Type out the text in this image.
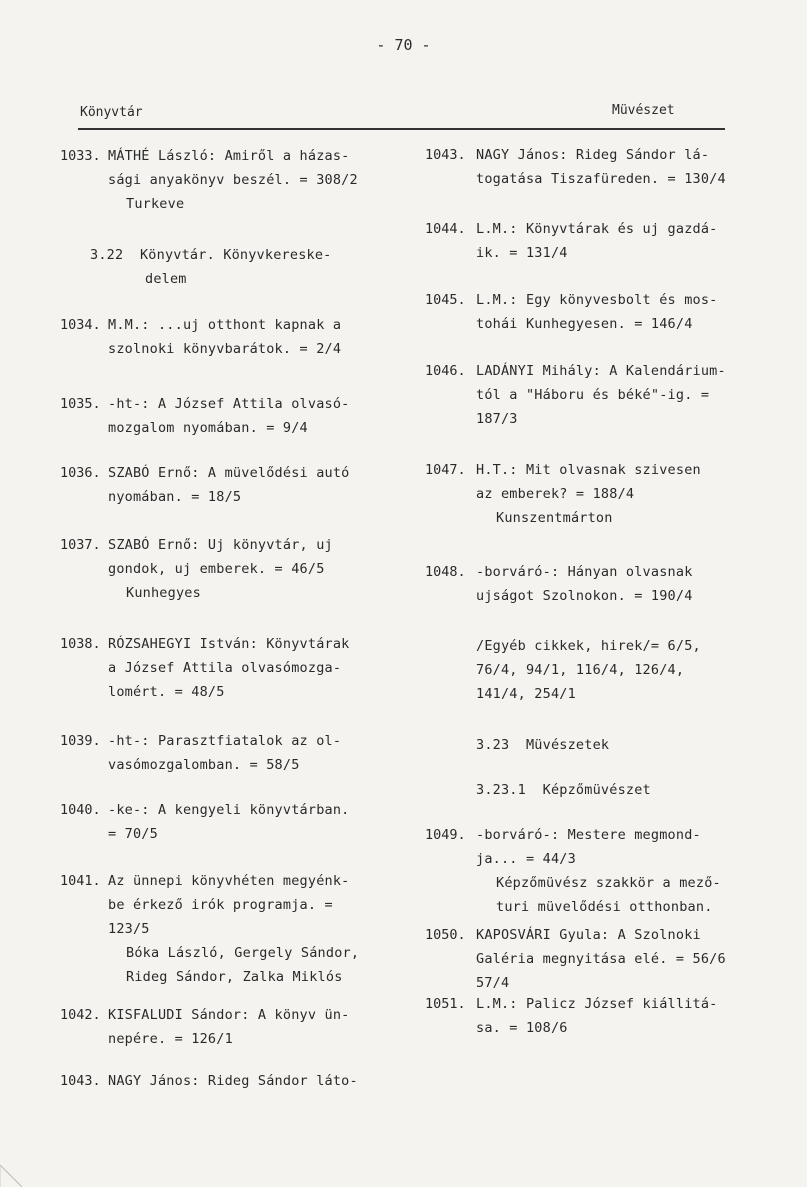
- 70 -
Könyvtár	Müvészet
1033. MÁTHÉ László: Amiről a házas-
sági anyakönyv beszél. = 308/2
Turkeve
3.22  Könyvtár. Könyvkereske-
delem
1034. M.M.: ...uj otthont kapnak a
szolnoki könyvbarátok. = 2/4
1035. -ht-: A József Attila olvasó-
mozgalom nyomában. = 9/4
1036. SZABÓ Ernő: A müvelődési autó
nyomában. = 18/5
1037. SZABÓ Ernő: Uj könyvtár, uj
gondok, uj emberek. = 46/5
Kunhegyes
1038. RÓZSAHEGYI István: Könyvtárak
a József Attila olvasómozga-
lomért. = 48/5
1039. -ht-: Parasztfiatalok az ol-
vasómozgalomban. = 58/5
1040. -ke-: A kengyeli könyvtárban.
= 70/5
1041. Az ünnepi könyvhéten megyénk-
be érkező irók programja. =
123/5
Bóka László, Gergely Sándor,
Rideg Sándor, Zalka Miklós
1042. KISFALUDI Sándor: A könyv ün-
nepére. = 126/1
1043. NAGY János: Rideg Sándor láto-
1043. NAGY János: Rideg Sándor lá-
togatása Tiszafüreden. = 130/4
1044. L.M.: Könyvtárak és uj gazdá-
ik. = 131/4
1045. L.M.: Egy könyvesbolt és mos-
tohái Kunhegyesen. = 146/4
1046. LADÁNYI Mihály: A Kalendárium-
tól a "Háboru és béké"-ig. =
187/3
1047. H.T.: Mit olvasnak szivesen
az emberek? = 188/4
Kunszentmárton
1048. -borváró-: Hányan olvasnak
ujságot Szolnokon. = 190/4
/Egyéb cikkek, hirek/= 6/5,
76/4, 94/1, 116/4, 126/4,
141/4, 254/1
3.23  Müvészetek
3.23.1  Képzőmüvészet
1049. -borváró-: Mestere megmond-
ja... = 44/3
Képzőmüvész szakkör a mező-
turi müvelődési otthonban.
1050. KAPOSVÁRI Gyula: A Szolnoki
Galéria megnyitása elé. = 56/6
57/4
1051. L.M.: Palicz József kiállitá-
sa. = 108/6
